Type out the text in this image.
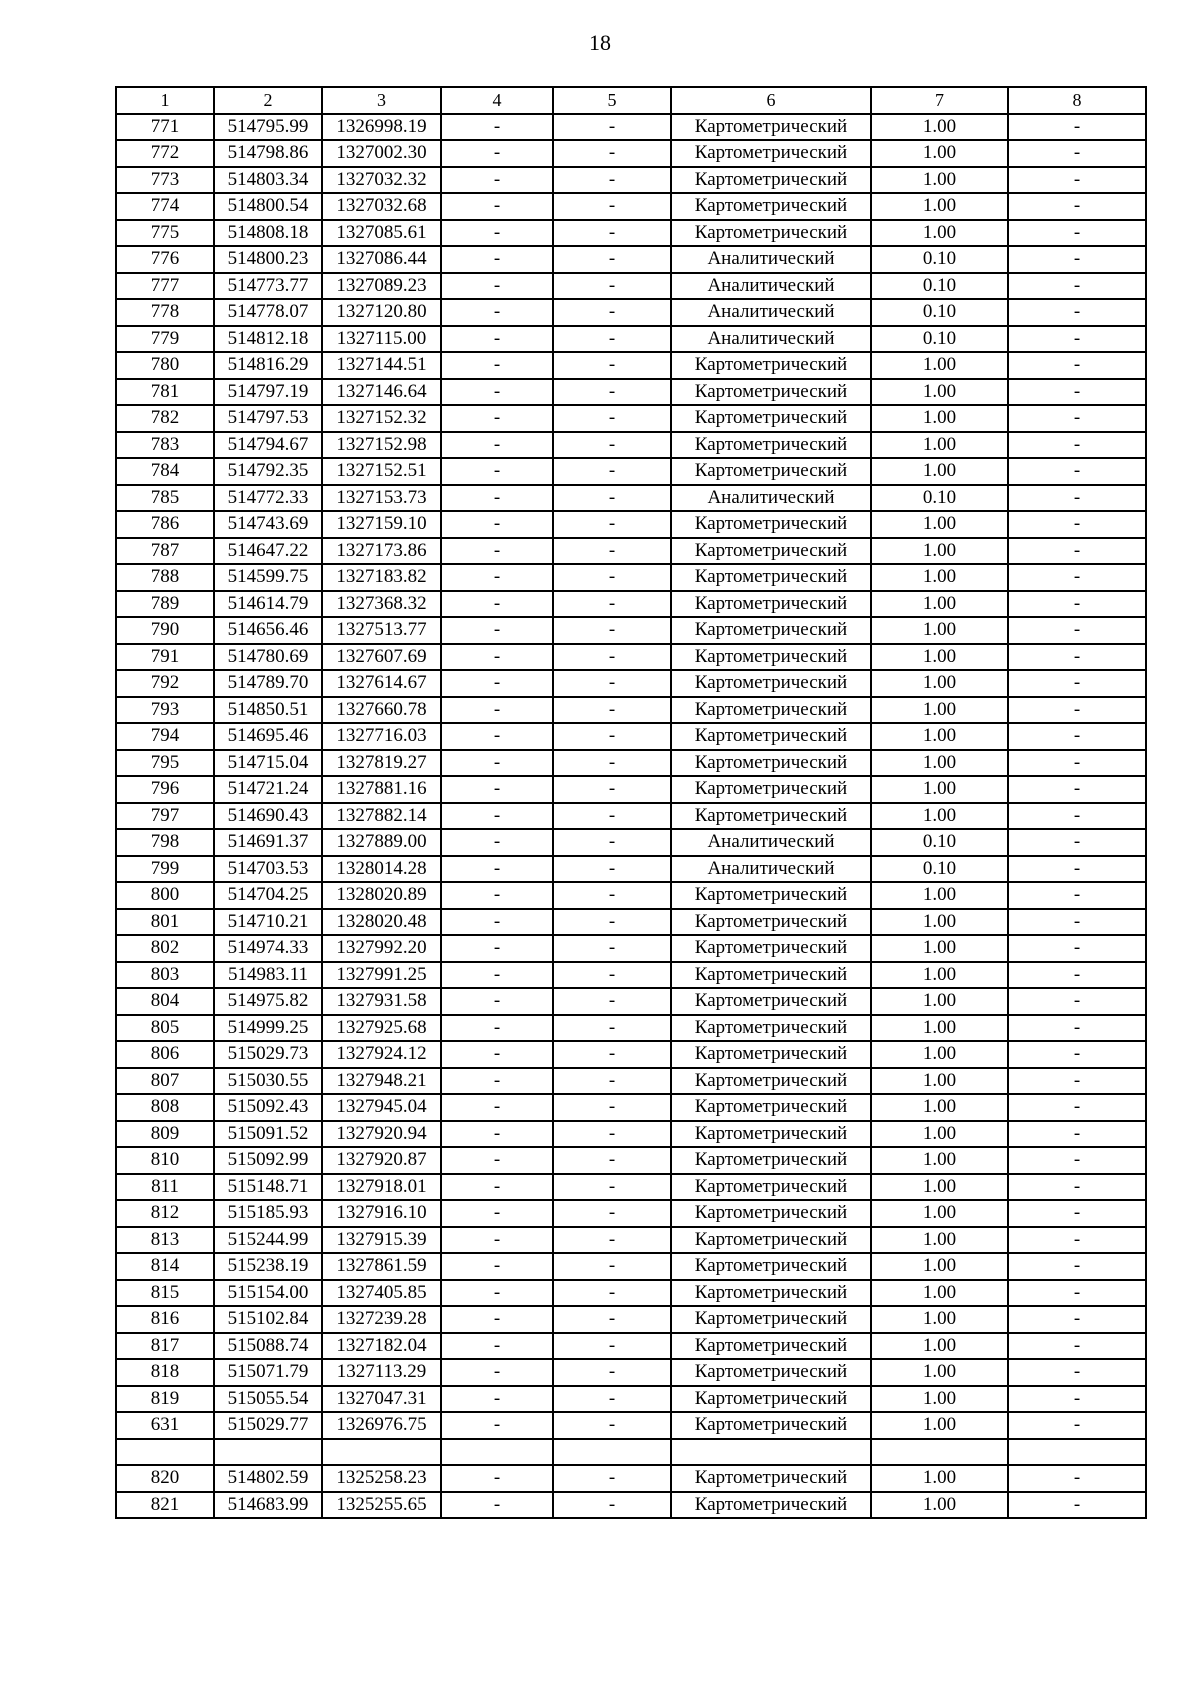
18
1	2	3	4	5	6	7	8
771	514795.99	1326998.19	-	-	Картометрический	1.00	-
772	514798.86	1327002.30	-	-	Картометрический	1.00	-
773	514803.34	1327032.32	-	-	Картометрический	1.00	-
774	514800.54	1327032.68	-	-	Картометрический	1.00	-
775	514808.18	1327085.61	-	-	Картометрический	1.00	-
776	514800.23	1327086.44	-	-	Аналитический	0.10	-
777	514773.77	1327089.23	-	-	Аналитический	0.10	-
778	514778.07	1327120.80	-	-	Аналитический	0.10	-
779	514812.18	1327115.00	-	-	Аналитический	0.10	-
780	514816.29	1327144.51	-	-	Картометрический	1.00	-
781	514797.19	1327146.64	-	-	Картометрический	1.00	-
782	514797.53	1327152.32	-	-	Картометрический	1.00	-
783	514794.67	1327152.98	-	-	Картометрический	1.00	-
784	514792.35	1327152.51	-	-	Картометрический	1.00	-
785	514772.33	1327153.73	-	-	Аналитический	0.10	-
786	514743.69	1327159.10	-	-	Картометрический	1.00	-
787	514647.22	1327173.86	-	-	Картометрический	1.00	-
788	514599.75	1327183.82	-	-	Картометрический	1.00	-
789	514614.79	1327368.32	-	-	Картометрический	1.00	-
790	514656.46	1327513.77	-	-	Картометрический	1.00	-
791	514780.69	1327607.69	-	-	Картометрический	1.00	-
792	514789.70	1327614.67	-	-	Картометрический	1.00	-
793	514850.51	1327660.78	-	-	Картометрический	1.00	-
794	514695.46	1327716.03	-	-	Картометрический	1.00	-
795	514715.04	1327819.27	-	-	Картометрический	1.00	-
796	514721.24	1327881.16	-	-	Картометрический	1.00	-
797	514690.43	1327882.14	-	-	Картометрический	1.00	-
798	514691.37	1327889.00	-	-	Аналитический	0.10	-
799	514703.53	1328014.28	-	-	Аналитический	0.10	-
800	514704.25	1328020.89	-	-	Картометрический	1.00	-
801	514710.21	1328020.48	-	-	Картометрический	1.00	-
802	514974.33	1327992.20	-	-	Картометрический	1.00	-
803	514983.11	1327991.25	-	-	Картометрический	1.00	-
804	514975.82	1327931.58	-	-	Картометрический	1.00	-
805	514999.25	1327925.68	-	-	Картометрический	1.00	-
806	515029.73	1327924.12	-	-	Картометрический	1.00	-
807	515030.55	1327948.21	-	-	Картометрический	1.00	-
808	515092.43	1327945.04	-	-	Картометрический	1.00	-
809	515091.52	1327920.94	-	-	Картометрический	1.00	-
810	515092.99	1327920.87	-	-	Картометрический	1.00	-
811	515148.71	1327918.01	-	-	Картометрический	1.00	-
812	515185.93	1327916.10	-	-	Картометрический	1.00	-
813	515244.99	1327915.39	-	-	Картометрический	1.00	-
814	515238.19	1327861.59	-	-	Картометрический	1.00	-
815	515154.00	1327405.85	-	-	Картометрический	1.00	-
816	515102.84	1327239.28	-	-	Картометрический	1.00	-
817	515088.74	1327182.04	-	-	Картометрический	1.00	-
818	515071.79	1327113.29	-	-	Картометрический	1.00	-
819	515055.54	1327047.31	-	-	Картометрический	1.00	-
631	515029.77	1326976.75	-	-	Картометрический	1.00	-

820	514802.59	1325258.23	-	-	Картометрический	1.00	-
821	514683.99	1325255.65	-	-	Картометрический	1.00	-
